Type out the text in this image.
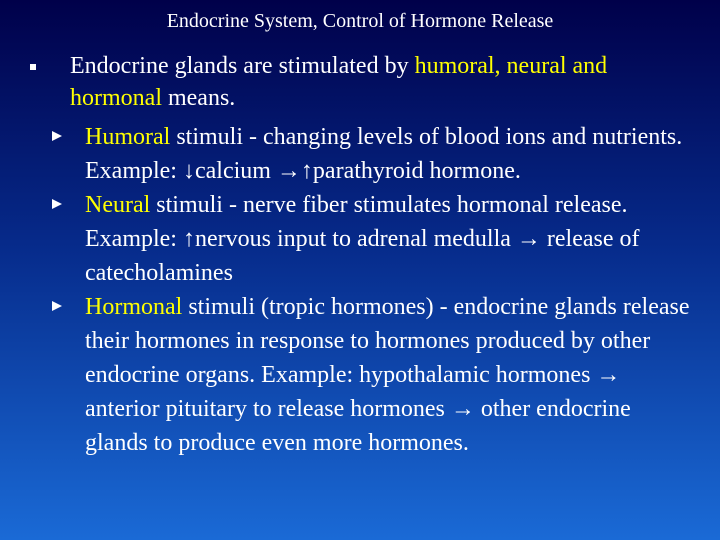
Endocrine System, Control of Hormone Release
Endocrine glands are stimulated by humoral, neural and hormonal means.
Humoral stimuli - changing levels of blood ions and nutrients. Example: ↓calcium →↑parathyroid hormone.
Neural stimuli - nerve fiber stimulates hormonal release. Example: ↑nervous input to adrenal medulla → release of catecholamines
Hormonal stimuli (tropic hormones) - endocrine glands release their hormones in response to hormones produced by other endocrine organs. Example: hypothalamic hormones → anterior pituitary to release hormones → other endocrine glands to produce even more hormones.
